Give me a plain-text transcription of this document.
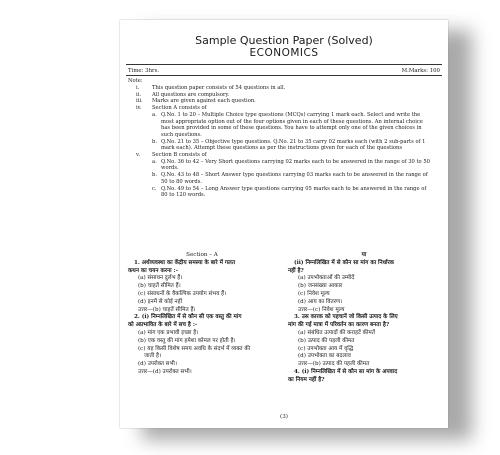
Sample Question Paper (Solved)
ECONOMICS
Time: 3hrs.	M.Marks: 100
Note:
i.	This question paper consists of 54 questions in all.
ii.	All questions are compulsory.
iii.	Marks are given against each question.
iv.	Section A consists of
a. Q.No. 1 to 20 – Multiple Choice type questions (MCQs) carrying 1 mark each. Select and write the most appropriate option out of the four options given in each of these questions. An internal choice has been provided in some of these questions. You have to attempt only one of the given choices in such questions.
b. Q.No. 21 to 35 – Objective type questions. Q.No. 21 to 35 carry 02 marks each (with 2 sub-parts of 1 mark each). Attempt these questions as per the instructions given for each of the questions
v.	Section B consists of
a. Q.No. 36 to 42 – Very Short questions carrying 02 marks each to be answered in the range of 30 to 50 words.
b. Q.No. 43 to 48 – Short Answer type questions carrying 03 marks each to be answered in the range of 50 to 80 words.
c. Q.No. 49 to 54 – Long Answer type questions carrying 05 marks each to be answered in the range of 80 to 120 words.
Section – A
1. अर्थव्यवस्था का केंद्रीय समस्या के बारे में गलत
कथन का चयन करना :-
(a) संसाधन दुर्लभ हैं।
(b) चाहतें सीमित हैं।
(c) संसाधनों के वैकल्पिक उपयोग संभव हैं।
(d) इनमें से कोई नहीं
उत्तर—(b) चाहतें सीमित हैं।
2. (i) निम्नलिखित में से कौन सी एक वस्तु की मांग
को अप्रभावित के बारे में सच है :-
(a) मांग एक प्रभावी इच्छा है।
(b) एक वस्तु की मांग हमेशा कोमल पर होती है।
(c) यह किसी विशेष समय अवधि के संदर्भ में व्यक्त की
जाती है।
(d) उपरोक्त सभी।
उत्तर—(d) उपरोक्त सभी।
या
(ii) निम्नलिखित में से कौन सा मांग का निर्धारक
नहीं है?
(a) उपभोक्ताओं की उम्मीदें
(b) जनसंख्या आकार
(c) निवेश मूल्य
(d) आय का वितरण।
उत्तर—(c) निवेश मूल्य
3. उस कारक को पहचानें जो किसी उत्पाद के लिए
मांग की गई मात्रा में परिवर्तन का कारण बनता है?
(a) संबंधित उत्पादों की कराहटें कीमतें
(b) उत्पाद की पहली कीमत
(c) उपभोक्ता आय में वृद्धि
(d) उपभोक्ता का बदलाव
उत्तर—(b) उत्पाद की पहली कीमत
4. (i) निम्नलिखित में से कौन सा मांग के अपवाद
का नियम नहीं है?
(3)
